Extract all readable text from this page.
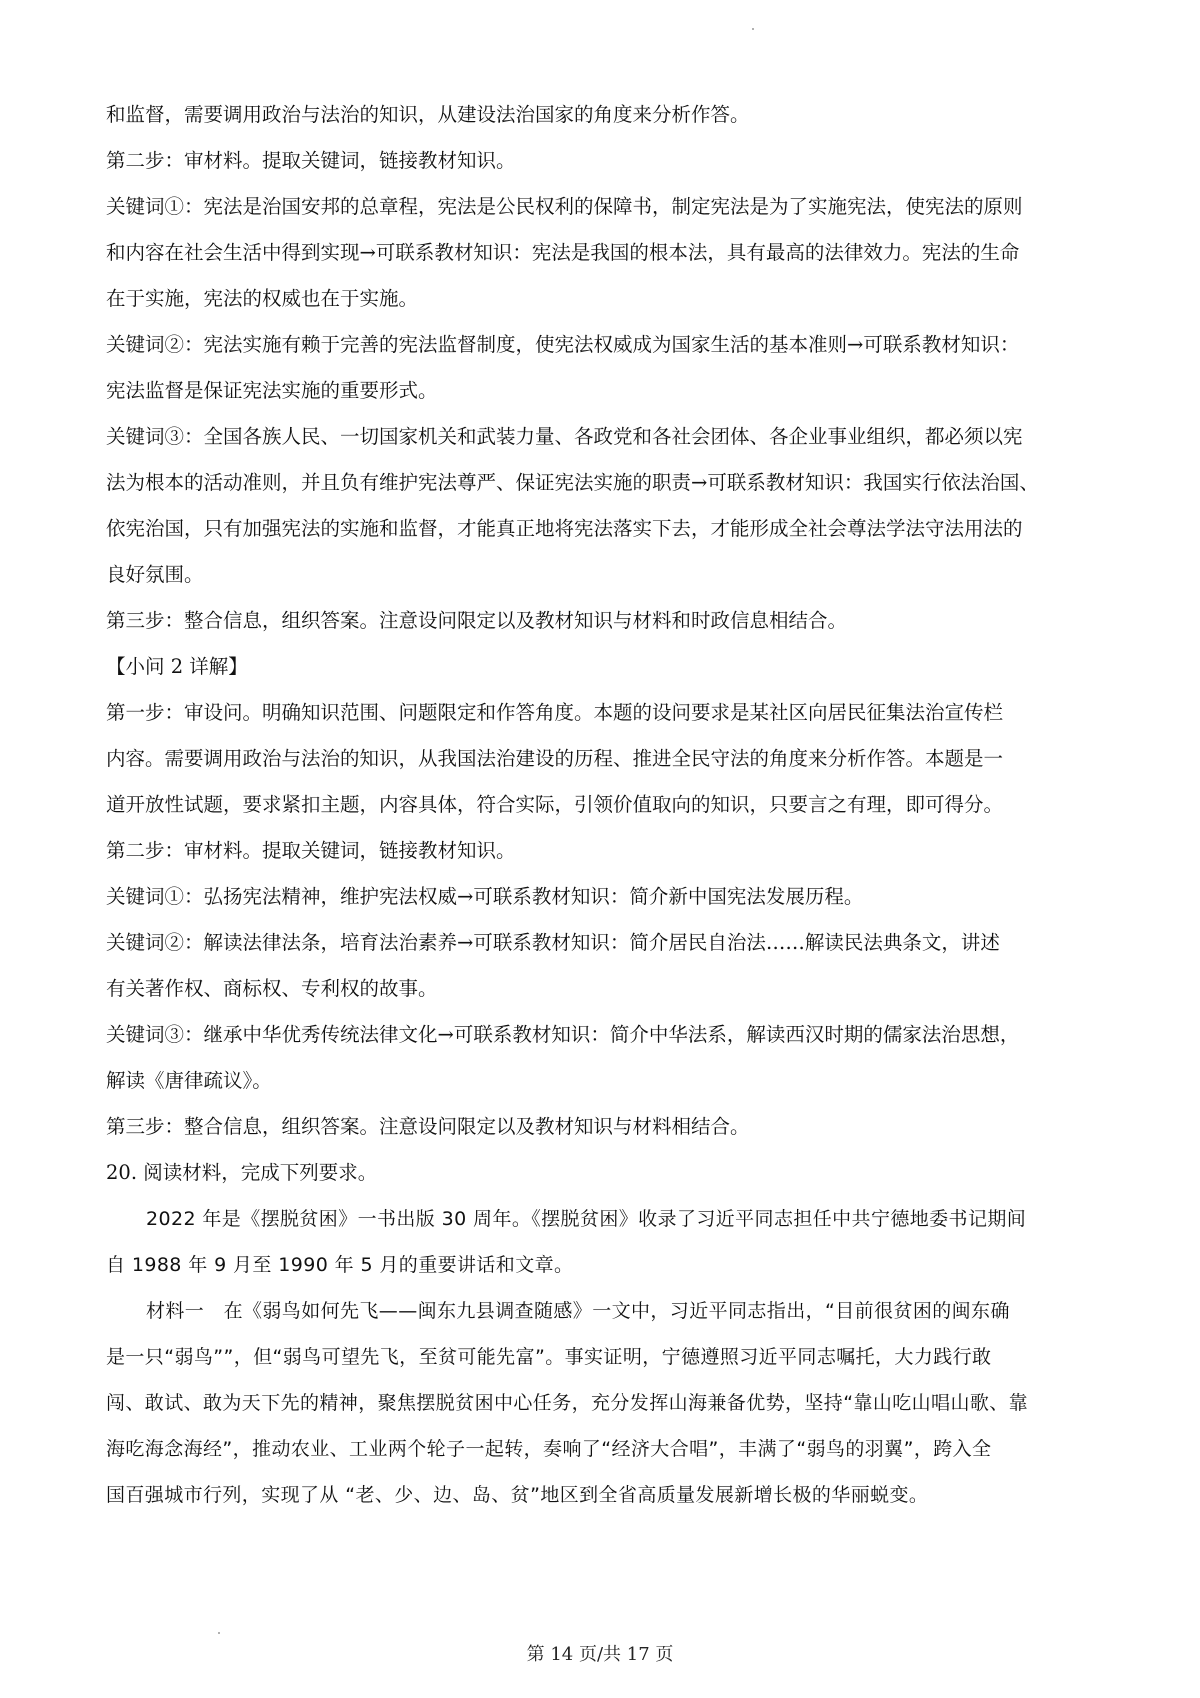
和监督，需要调用政治与法治的知识，从建设法治国家的角度来分析作答。
第二步：审材料。提取关键词，链接教材知识。
关键词①：宪法是治国安邦的总章程，宪法是公民权利的保障书，制定宪法是为了实施宪法，使宪法的原则
和内容在社会生活中得到实现→可联系教材知识：宪法是我国的根本法，具有最高的法律效力。宪法的生命
在于实施，宪法的权威也在于实施。
关键词②：宪法实施有赖于完善的宪法监督制度，使宪法权威成为国家生活的基本准则→可联系教材知识：
宪法监督是保证宪法实施的重要形式。
关键词③：全国各族人民、一切国家机关和武装力量、各政党和各社会团体、各企业事业组织，都必须以宪
法为根本的活动准则，并且负有维护宪法尊严、保证宪法实施的职责→可联系教材知识：我国实行依法治国、
依宪治国，只有加强宪法的实施和监督，才能真正地将宪法落实下去，才能形成全社会尊法学法守法用法的
良好氛围。
第三步：整合信息，组织答案。注意设问限定以及教材知识与材料和时政信息相结合。
【小问 2 详解】
第一步：审设问。明确知识范围、问题限定和作答角度。本题的设问要求是某社区向居民征集法治宣传栏
内容。需要调用政治与法治的知识，从我国法治建设的历程、推进全民守法的角度来分析作答。本题是一
道开放性试题，要求紧扣主题，内容具体，符合实际，引领价值取向的知识，只要言之有理，即可得分。
第二步：审材料。提取关键词，链接教材知识。
关键词①：弘扬宪法精神，维护宪法权威→可联系教材知识：简介新中国宪法发展历程。
关键词②：解读法律法条，培育法治素养→可联系教材知识：简介居民自治法……解读民法典条文，讲述
有关著作权、商标权、专利权的故事。
关键词③：继承中华优秀传统法律文化→可联系教材知识：简介中华法系，解读西汉时期的儒家法治思想，
解读《唐律疏议》。
第三步：整合信息，组织答案。注意设问限定以及教材知识与材料相结合。
20. 阅读材料，完成下列要求。
2022 年是《摆脱贫困》一书出版 30 周年。《摆脱贫困》收录了习近平同志担任中共宁德地委书记期间
自 1988 年 9 月至 1990 年 5 月的重要讲话和文章。
材料一　在《弱鸟如何先飞——闽东九县调查随感》一文中，习近平同志指出，“目前很贫困的闽东确
是一只“弱鸟””，但“弱鸟可望先飞，至贫可能先富”。事实证明，宁德遵照习近平同志嘱托，大力践行敢
闯、敢试、敢为天下先的精神，聚焦摆脱贫困中心任务，充分发挥山海兼备优势，坚持“靠山吃山唱山歌、靠
海吃海念海经”，推动农业、工业两个轮子一起转，奏响了“经济大合唱”，丰满了“弱鸟的羽翼”，跨入全
国百强城市行列，实现了从 “老、少、边、岛、贫”地区到全省高质量发展新增长极的华丽蜕变。
第 14 页/共 17 页
